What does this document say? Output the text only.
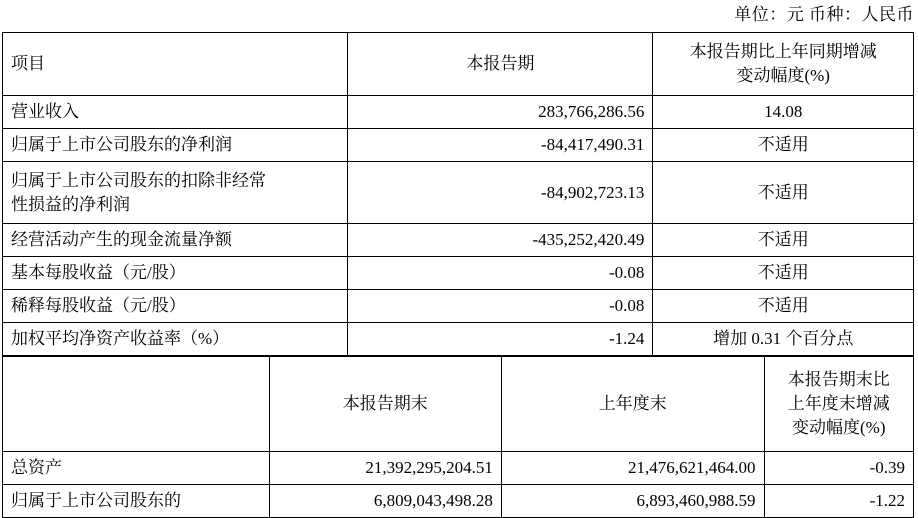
单位：元 币种：人民币
项目	本报告期	本报告期比上年同期增减
变动幅度(%)

营业收入	283,766,286.56	14.08
归属于上市公司股东的净利润	-84,417,490.31	不适用

归属于上市公司股东的扣除非经常
性损益的净利润	-84,902,723.13	不适用
经营活动产生的现金流量净额	-435,252,420.49	不适用
基本每股收益（元/股）	-0.08	不适用
稀释每股收益（元/股）	-0.08	不适用
加权平均净资产收益率（%）	-1.24	增加 0.31 个百分点
	本报告期末	上年度末	本报告期末比
上年度末增减
变动幅度(%)

总资产	21,392,295,204.51	21,476,621,464.00	-0.39
归属于上市公司股东的	6,809,043,498.28	6,893,460,988.59	-1.22
